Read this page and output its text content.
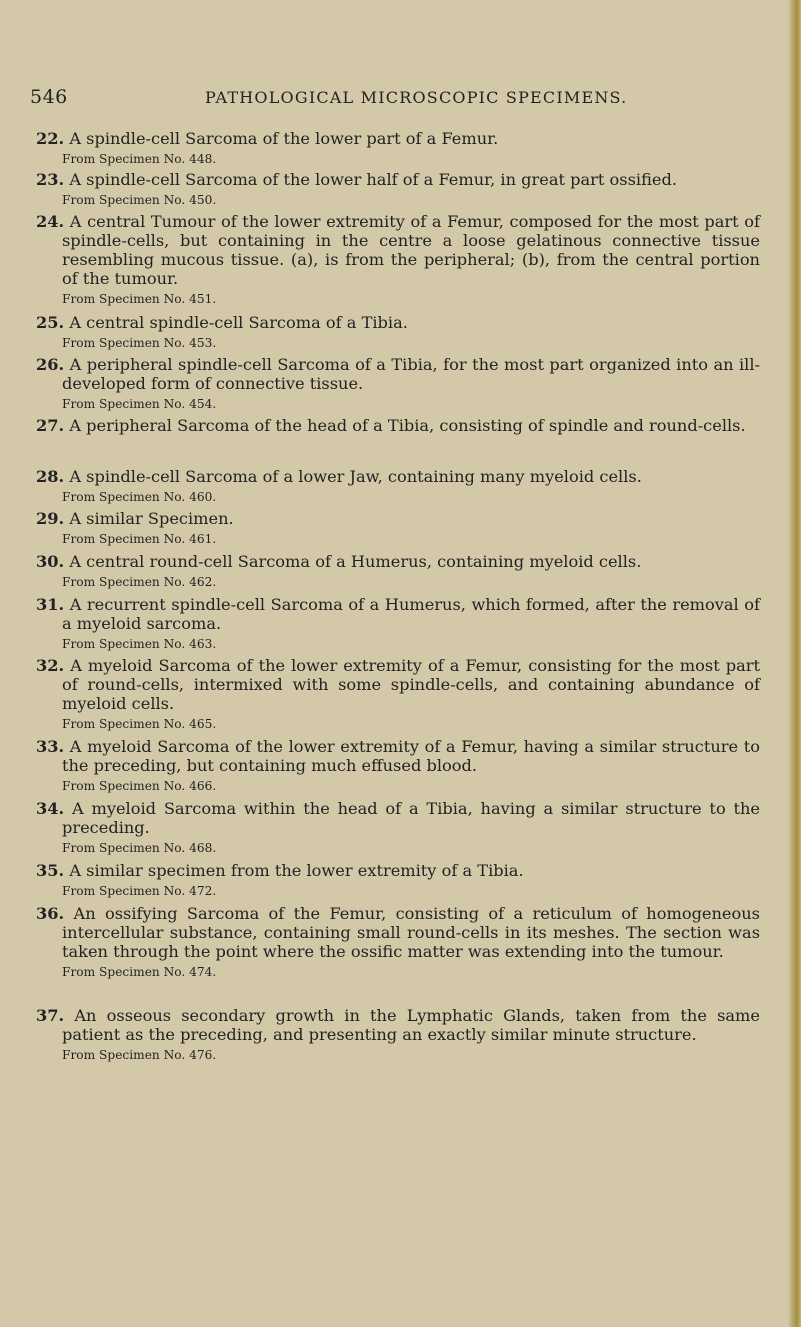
546	PATHOLOGICAL MICROSCOPIC SPECIMENS.
22. A spindle-cell Sarcoma of the lower part of a Femur.
From Specimen No. 448.
23. A spindle-cell Sarcoma of the lower half of a Femur, in great part ossified.
From Specimen No. 450.
24. A central Tumour of the lower extremity of a Femur, composed for the most part of spindle-cells, but containing in the centre a loose gelatinous connective tissue resembling mucous tissue. (a), is from the peripheral; (b), from the central portion of the tumour.
From Specimen No. 451.
25. A central spindle-cell Sarcoma of a Tibia.
From Specimen No. 453.
26. A peripheral spindle-cell Sarcoma of a Tibia, for the most part organized into an ill-developed form of connective tissue.
From Specimen No. 454.
27. A peripheral Sarcoma of the head of a Tibia, consisting of spindle and round-cells.
28. A spindle-cell Sarcoma of a lower Jaw, containing many myeloid cells.
From Specimen No. 460.
29. A similar Specimen.
From Specimen No. 461.
30. A central round-cell Sarcoma of a Humerus, containing myeloid cells.
From Specimen No. 462.
31. A recurrent spindle-cell Sarcoma of a Humerus, which formed, after the removal of a myeloid sarcoma.
From Specimen No. 463.
32. A myeloid Sarcoma of the lower extremity of a Femur, consisting for the most part of round-cells, intermixed with some spindle-cells, and containing abundance of myeloid cells.
From Specimen No. 465.
33. A myeloid Sarcoma of the lower extremity of a Femur, having a similar structure to the preceding, but containing much effused blood.
From Specimen No. 466.
34. A myeloid Sarcoma within the head of a Tibia, having a similar structure to the preceding.
From Specimen No. 468.
35. A similar specimen from the lower extremity of a Tibia.
From Specimen No. 472.
36. An ossifying Sarcoma of the Femur, consisting of a reticulum of homogeneous intercellular substance, containing small round-cells in its meshes. The section was taken through the point where the ossific matter was extending into the tumour.
From Specimen No. 474.
37. An osseous secondary growth in the Lymphatic Glands, taken from the same patient as the preceding, and presenting an exactly similar minute structure.
From Specimen No. 476.
